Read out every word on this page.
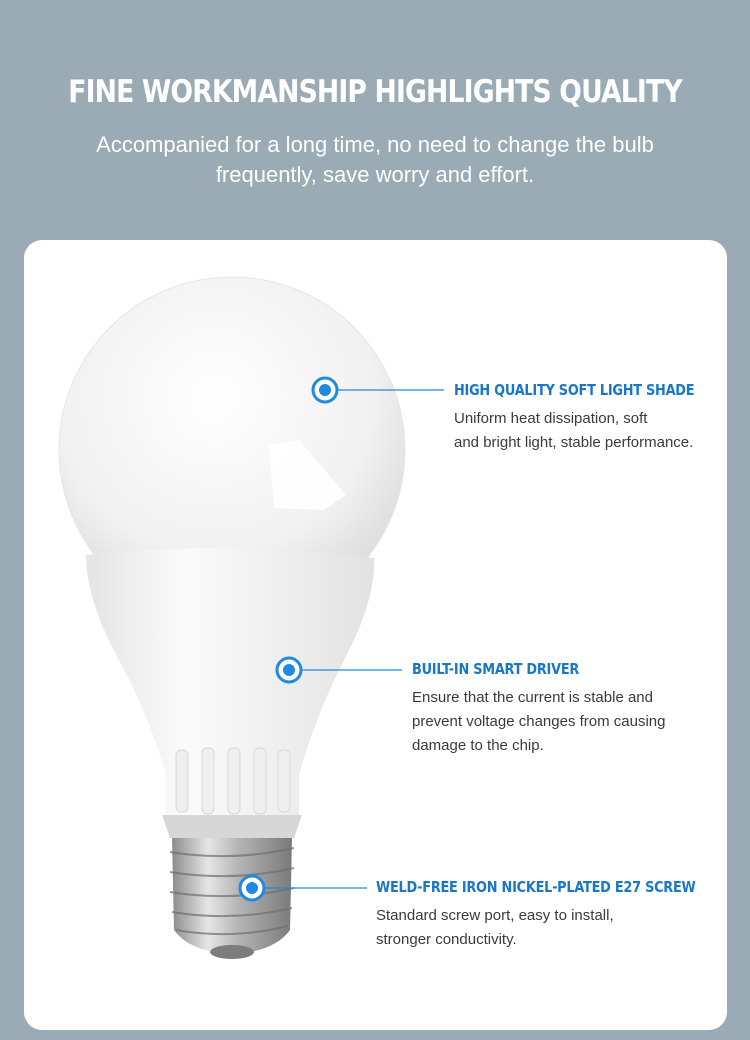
FINE WORKMANSHIP HIGHLIGHTS QUALITY
Accompanied for a long time, no need to change the bulb
frequently, save worry and effort.
HIGH QUALITY SOFT LIGHT SHADE
Uniform heat dissipation, soft
and bright light, stable performance.
BUILT-IN SMART DRIVER
Ensure that the current is stable and
prevent voltage changes from causing
damage to the chip.
WELD-FREE IRON NICKEL-PLATED E27 SCREW
Standard screw port, easy to install,
stronger conductivity.
